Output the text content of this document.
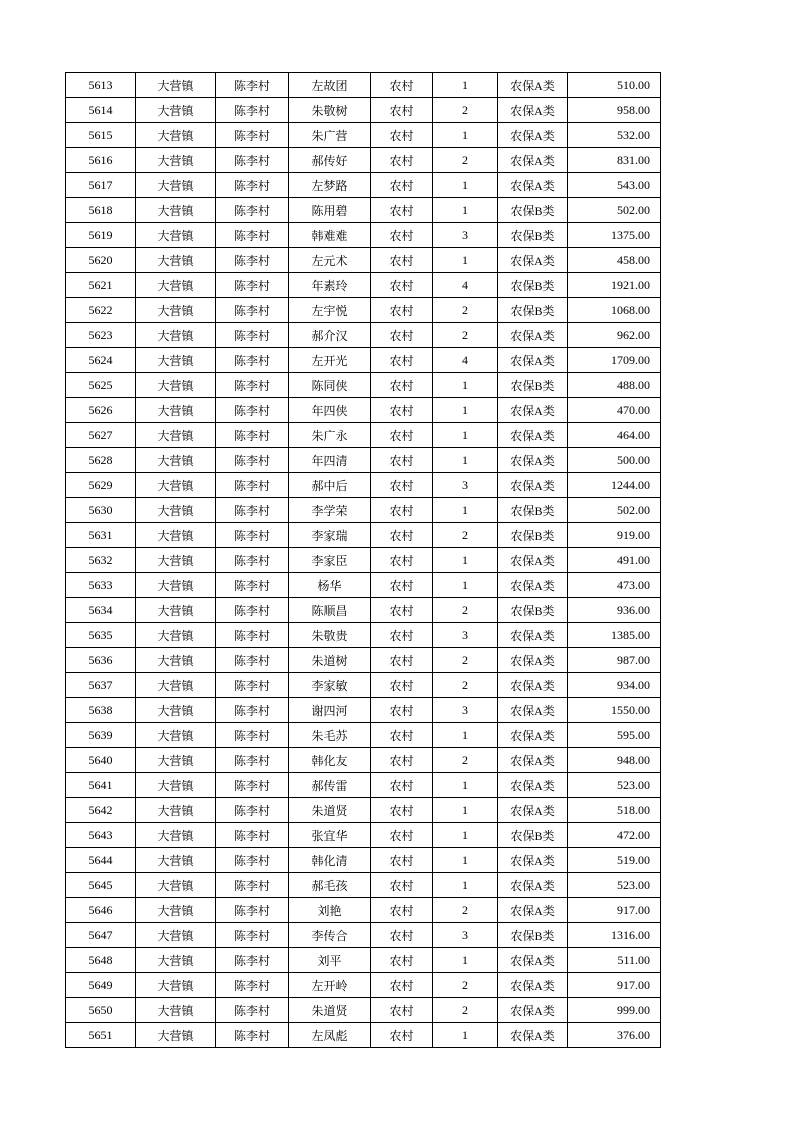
5613	大营镇	陈李村	左故团	农村	1	农保A类	510.00
5614	大营镇	陈李村	朱敬树	农村	2	农保A类	958.00
5615	大营镇	陈李村	朱广营	农村	1	农保A类	532.00
5616	大营镇	陈李村	郝传好	农村	2	农保A类	831.00
5617	大营镇	陈李村	左梦路	农村	1	农保A类	543.00
5618	大营镇	陈李村	陈用碧	农村	1	农保B类	502.00
5619	大营镇	陈李村	韩难难	农村	3	农保B类	1375.00
5620	大营镇	陈李村	左元术	农村	1	农保A类	458.00
5621	大营镇	陈李村	年素玲	农村	4	农保B类	1921.00
5622	大营镇	陈李村	左宇悦	农村	2	农保B类	1068.00
5623	大营镇	陈李村	郝介汉	农村	2	农保A类	962.00
5624	大营镇	陈李村	左开光	农村	4	农保A类	1709.00
5625	大营镇	陈李村	陈同侠	农村	1	农保B类	488.00
5626	大营镇	陈李村	年四侠	农村	1	农保A类	470.00
5627	大营镇	陈李村	朱广永	农村	1	农保A类	464.00
5628	大营镇	陈李村	年四清	农村	1	农保A类	500.00
5629	大营镇	陈李村	郝中后	农村	3	农保A类	1244.00
5630	大营镇	陈李村	李学荣	农村	1	农保B类	502.00
5631	大营镇	陈李村	李家瑞	农村	2	农保B类	919.00
5632	大营镇	陈李村	李家臣	农村	1	农保A类	491.00
5633	大营镇	陈李村	杨华	农村	1	农保A类	473.00
5634	大营镇	陈李村	陈顺昌	农村	2	农保B类	936.00
5635	大营镇	陈李村	朱敬贵	农村	3	农保A类	1385.00
5636	大营镇	陈李村	朱道树	农村	2	农保A类	987.00
5637	大营镇	陈李村	李家敏	农村	2	农保A类	934.00
5638	大营镇	陈李村	谢四河	农村	3	农保A类	1550.00
5639	大营镇	陈李村	朱毛苏	农村	1	农保A类	595.00
5640	大营镇	陈李村	韩化友	农村	2	农保A类	948.00
5641	大营镇	陈李村	郝传雷	农村	1	农保A类	523.00
5642	大营镇	陈李村	朱道贤	农村	1	农保A类	518.00
5643	大营镇	陈李村	张宜华	农村	1	农保B类	472.00
5644	大营镇	陈李村	韩化清	农村	1	农保A类	519.00
5645	大营镇	陈李村	郝毛孩	农村	1	农保A类	523.00
5646	大营镇	陈李村	刘艳	农村	2	农保A类	917.00
5647	大营镇	陈李村	李传合	农村	3	农保B类	1316.00
5648	大营镇	陈李村	刘平	农村	1	农保A类	511.00
5649	大营镇	陈李村	左开岭	农村	2	农保A类	917.00
5650	大营镇	陈李村	朱道贤	农村	2	农保A类	999.00
5651	大营镇	陈李村	左凤彪	农村	1	农保A类	376.00
